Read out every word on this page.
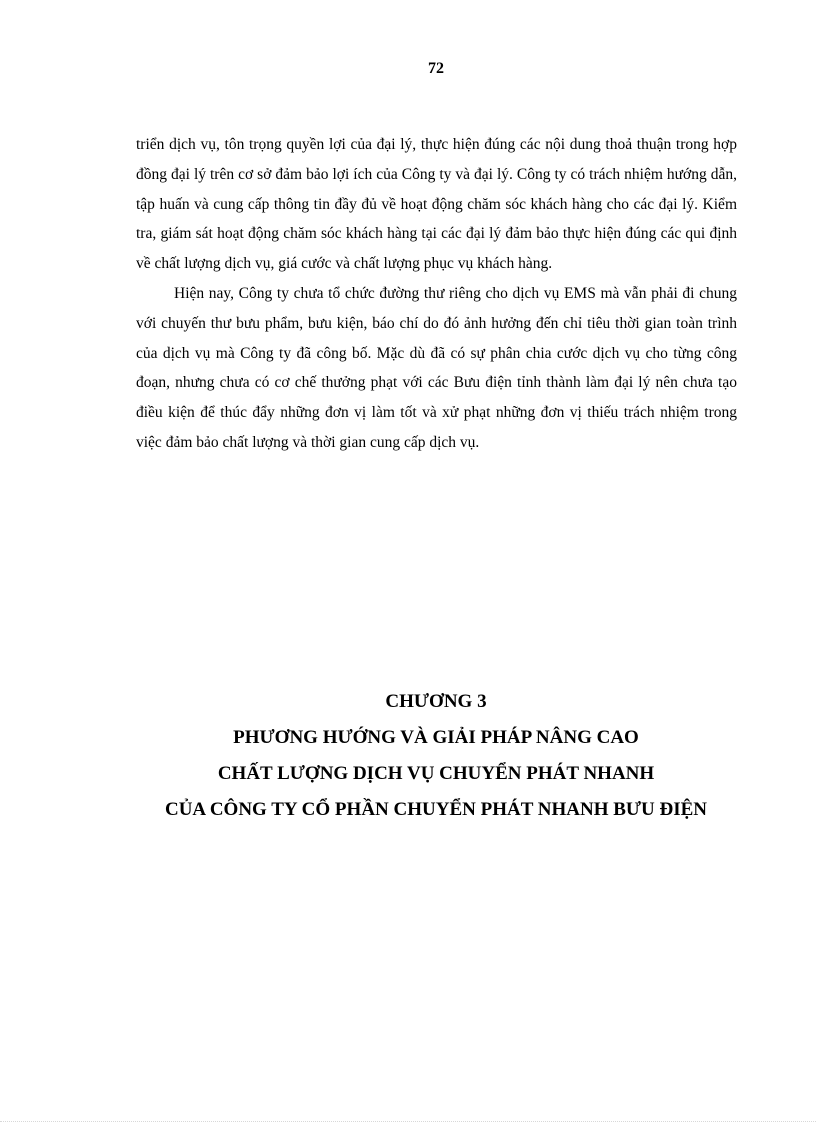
72

triển dịch vụ, tôn trọng quyền lợi của đại lý, thực hiện đúng các nội dung thoả thuận trong hợp đồng đại lý trên cơ sở đảm bảo lợi ích của Công ty và đại lý. Công ty có trách nhiệm hướng dẫn, tập huấn và cung cấp thông tin đầy đủ về hoạt động chăm sóc khách hàng cho các đại lý. Kiểm tra, giám sát hoạt động chăm sóc khách hàng tại các đại lý đảm bảo thực hiện đúng các qui định về chất lượng dịch vụ, giá cước và chất lượng phục vụ khách hàng.

Hiện nay, Công ty chưa tổ chức đường thư riêng cho dịch vụ EMS mà vẫn phải đi chung với chuyến thư bưu phẩm, bưu kiện, báo chí do đó ảnh hưởng đến chỉ tiêu thời gian toàn trình của dịch vụ mà Công ty đã công bố. Mặc dù đã có sự phân chia cước dịch vụ cho từng công đoạn, nhưng chưa có cơ chế thưởng phạt với các Bưu điện tỉnh thành làm đại lý nên chưa tạo điều kiện để thúc đẩy những đơn vị làm tốt và xử phạt những đơn vị thiếu trách nhiệm trong việc đảm bảo chất lượng và thời gian cung cấp dịch vụ.

CHƯƠNG 3
PHƯƠNG HƯỚNG VÀ GIẢI PHÁP NÂNG CAO
CHẤT LƯỢNG DỊCH VỤ CHUYỂN PHÁT NHANH
CỦA CÔNG TY CỔ PHẦN CHUYỂN PHÁT NHANH BƯU ĐIỆN
